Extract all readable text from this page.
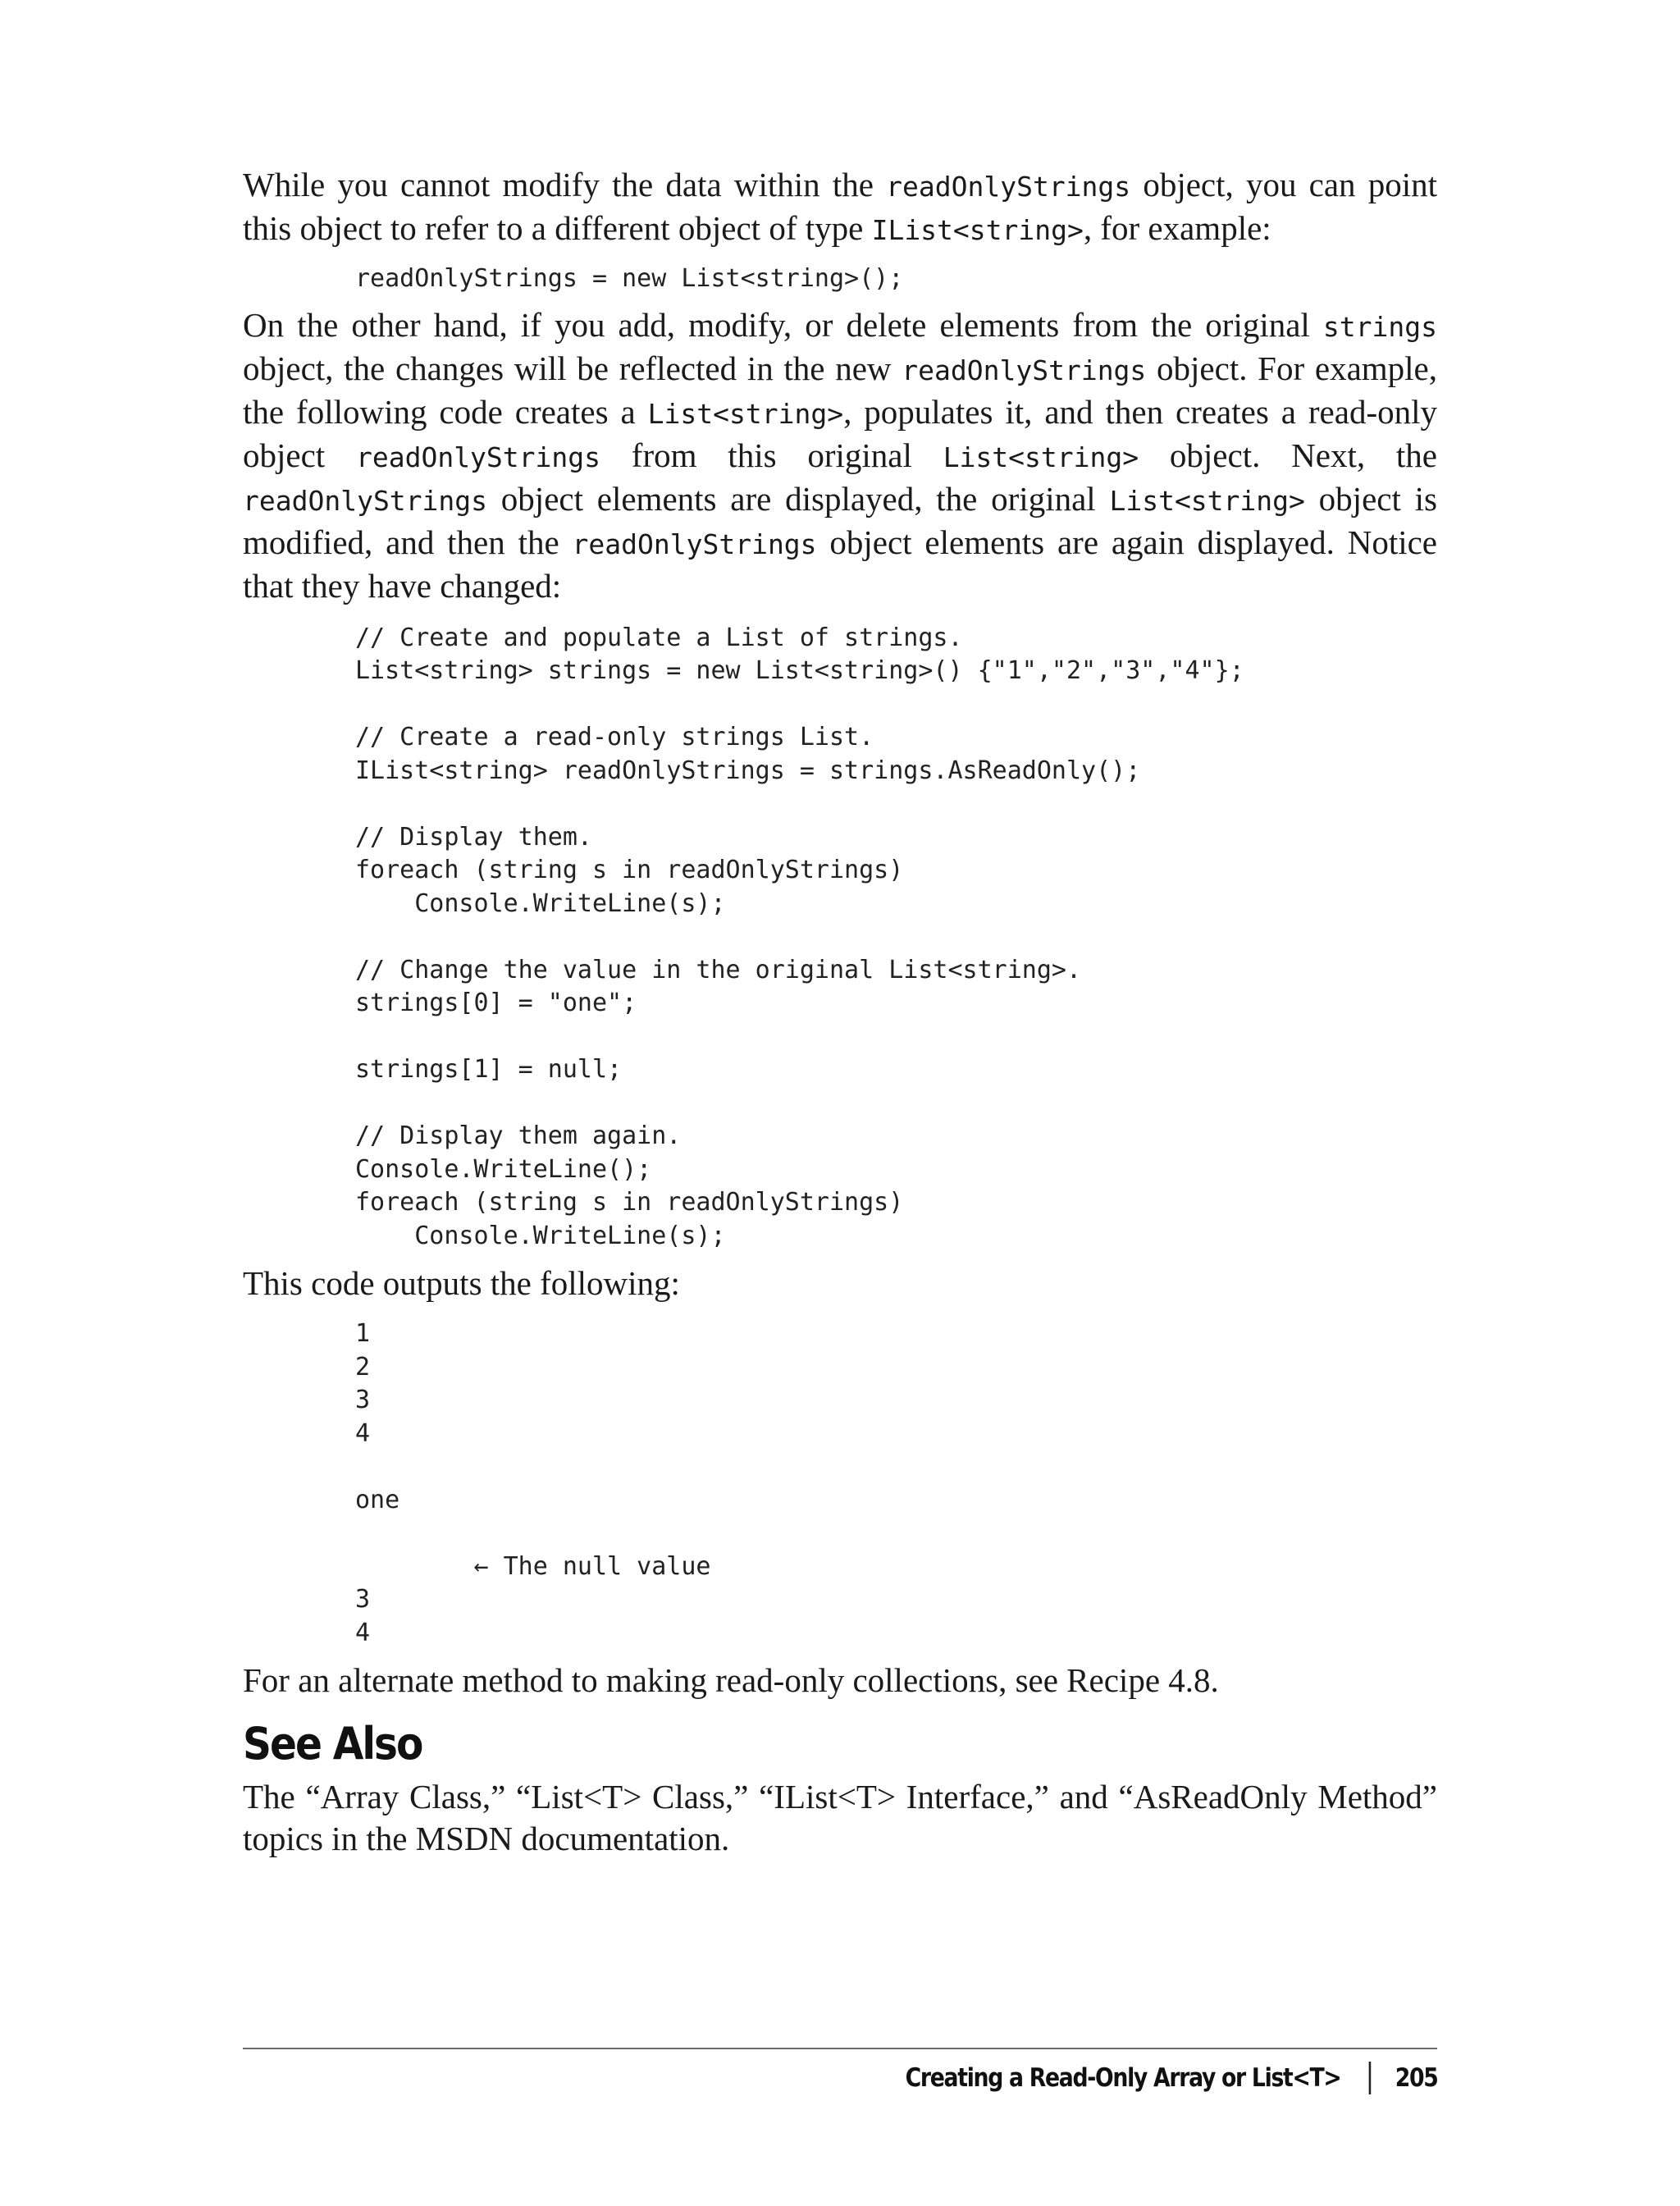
While you cannot modify the data within the readOnlyStrings object, you can point this object to refer to a different object of type IList<string>, for example:

readOnlyStrings = new List<string>();

On the other hand, if you add, modify, or delete elements from the original strings object, the changes will be reflected in the new readOnlyStrings object. For example, the following code creates a List<string>, populates it, and then creates a read-only object readOnlyStrings from this original List<string> object. Next, the readOnlyStrings object elements are displayed, the original List<string> object is modified, and then the readOnlyStrings object elements are again displayed. Notice that they have changed:

// Create and populate a List of strings.
List<string> strings = new List<string>() {"1","2","3","4"};
// Create a read-only strings List.
IList<string> readOnlyStrings = strings.AsReadOnly();
// Display them.
foreach (string s in readOnlyStrings)
Console.WriteLine(s);
// Change the value in the original List<string>.
strings[0] = "one";
strings[1] = null;
// Display them again.
Console.WriteLine();
foreach (string s in readOnlyStrings)
Console.WriteLine(s);

This code outputs the following:

1
2
3
4
one
← The null value
3
4

For an alternate method to making read-only collections, see Recipe 4.8.

See Also

The “Array Class,” “List<T> Class,” “IList<T> Interface,” and “AsReadOnly Method” topics in the MSDN documentation.

Creating a Read-Only Array or List<T> 205
